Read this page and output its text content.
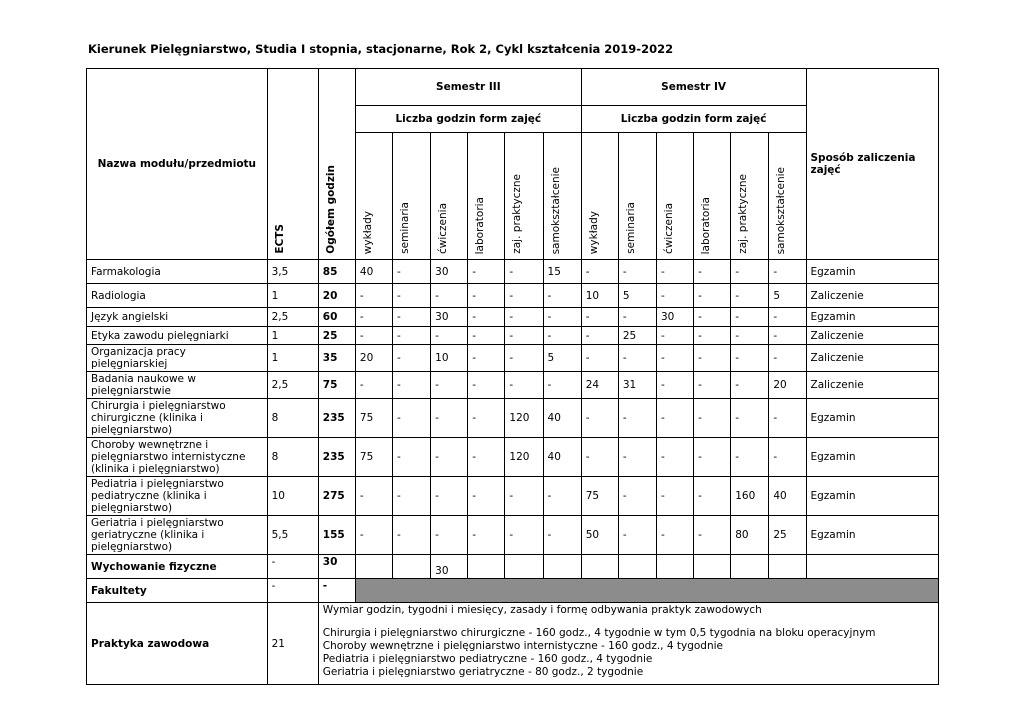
Kierunek Pielęgniarstwo, Studia I stopnia, stacjonarne, Rok 2, Cykl kształcenia 2019-2022
Nazwa modułu/przedmiotu	ECTS	Ogółem godzin	Semestr III						Semestr IV						Sposób zaliczenia zajęć
			Liczba godzin form zajęć						Liczba godzin form zajęć						
			wykłady	seminaria	ćwiczenia	laboratoria	zaj. praktyczne	samokształcenie	wykłady	seminaria	ćwiczenia	laboratoria	zaj. praktyczne	samokształcenie	
Farmakologia	3,5	85	40	-	30	-	-	15	-	-	-	-	-	-	Egzamin
Radiologia	1	20	-	-	-	-	-	-	10	5	-	-	-	5	Zaliczenie
Język angielski	2,5	60	-	-	30	-	-	-	-	-	30	-	-	-	Egzamin
Etyka zawodu pielęgniarki	1	25	-	-	-	-	-	-	-	25	-	-	-	-	Zaliczenie
Organizacja pracy pielęgniarskiej	1	35	20	-	10	-	-	5	-	-	-	-	-	-	Zaliczenie
Badania naukowe w pielęgniarstwie	2,5	75	-	-	-	-	-	-	24	31	-	-	-	20	Zaliczenie
Chirurgia i pielęgniarstwo chirurgiczne (klinika i pielęgniarstwo)	8	235	75	-	-	-	120	40	-	-	-	-	-	-	Egzamin
Choroby wewnętrzne i pielęgniarstwo internistyczne (klinika i pielęgniarstwo)	8	235	75	-	-	-	120	40	-	-	-	-	-	-	Egzamin
Pediatria i pielęgniarstwo pediatryczne (klinika i pielęgniarstwo)	10	275	-	-	-	-	-	-	75	-	-	-	160	40	Egzamin
Geriatria i pielęgniarstwo geriatryczne (klinika i pielęgniarstwo)	5,5	155	-	-	-	-	-	-	50	-	-	-	80	25	Egzamin
Wychowanie fizyczne	-	30			30										
Fakultety	-	-													
Praktyka zawodowa	21	Wymiar godzin, tygodni i miesięcy, zasady i formę odbywania praktyk zawodowych
Chirurgia i pielęgniarstwo chirurgiczne - 160 godz., 4 tygodnie w tym 0,5 tygodnia na bloku operacyjnym
Choroby wewnętrzne i pielęgniarstwo internistyczne - 160 godz., 4 tygodnie
Pediatria i pielęgniarstwo pediatryczne - 160 godz., 4 tygodnie
Geriatria i pielęgniarstwo geriatryczne - 80 godz., 2 tygodnie													
